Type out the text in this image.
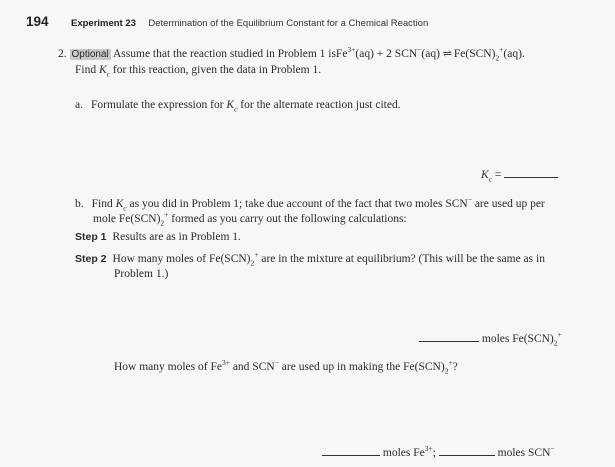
194 Experiment 23 Determination of the Equilibrium Constant for a Chemical Reaction
2. Optional Assume that the reaction studied in Problem 1 isFe$^{3+}$(aq) + 2 SCN−(aq) ⇌ $Fe(SCN)_2^+(aq)$.
Find $K_c$ for this reaction, given the data in Problem 1.
a. Formulate the expression for $K_c$ for the alternate reaction just cited.
$K_c$ =
b. Find $K_c$ as you did in Problem 1; take due account of the fact that two moles SCN− are used up per
mole $Fe(SCN)_2^+$ formed as you carry out the following calculations:
Step 1 Results are as in Problem 1.
Step 2 How many moles of $Fe(SCN)_2^+$ are in the mixture at equilibrium? (This will be the same as in
Problem 1.)
moles $Fe(SCN)_2^+$
How many moles of $Fe^{3+}$ and SCN− are used up in making the $Fe(SCN)_2^+$?
moles $Fe^{3+}$;	moles SCN−
